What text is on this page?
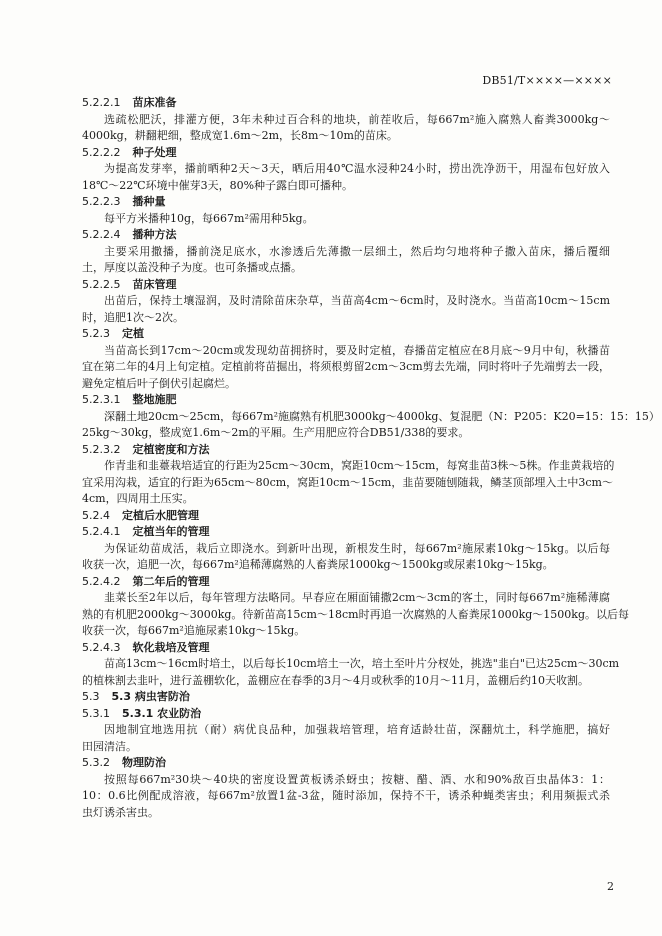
DB51/T××××—××××
5.2.2.1 苗床准备
选疏松肥沃，排灌方便，3年未种过百合科的地块，前茬收后，每667m²施入腐熟人畜粪3000kg～
4000kg，耕翻耙细，整成宽1.6m～2m，长8m～10m的苗床。
5.2.2.2 种子处理
为提高发芽率，播前晒种2天～3天，晒后用40℃温水浸种24小时，捞出洗净沥干，用湿布包好放入
18℃～22℃环境中催芽3天，80%种子露白即可播种。
5.2.2.3 播种量
每平方米播种10g，每667m²需用种5kg。
5.2.2.4 播种方法
主要采用撒播，播前浇足底水，水渗透后先薄撒一层细土，然后均匀地将种子撒入苗床，播后覆细
土，厚度以盖没种子为度。也可条播或点播。
5.2.2.5 苗床管理
出苗后，保持土壤湿润，及时清除苗床杂草，当苗高4cm～6cm时，及时浇水。当苗高10cm～15cm
时，追肥1次～2次。
5.2.3 定植
当苗高长到17cm～20cm或发现幼苗拥挤时，要及时定植，春播苗定植应在8月底～9月中旬，秋播苗
宜在第二年的4月上旬定植。定植前将苗掘出，将须根剪留2cm～3cm剪去先端，同时将叶子先端剪去一段，
避免定植后叶子倒伏引起腐烂。
5.2.3.1 整地施肥
深翻土地20cm～25cm，每667m²施腐熟有机肥3000kg～4000kg、复混肥（N：P205：K20=15：15：15）
25kg～30kg，整成宽1.6m～2m的平厢。生产用肥应符合DB51/338的要求。
5.2.3.2 定植密度和方法
作青韭和韭薹栽培适宜的行距为25cm～30cm，窝距10cm～15cm，每窝韭苗3株～5株。作韭黄栽培的
宜采用沟栽，适宜的行距为65cm～80cm，窝距10cm～15cm，韭苗要随刨随栽，鳞茎顶部埋入土中3cm～
4cm，四周用土压实。
5.2.4 定植后水肥管理
5.2.4.1 定植当年的管理
为保证幼苗成活，栽后立即浇水。到新叶出现，新根发生时，每667m²施尿素10kg～15kg。以后每
收获一次，追肥一次，每667m²追稀薄腐熟的人畜粪尿1000kg～1500kg或尿素10kg～15kg。
5.2.4.2 第二年后的管理
韭菜长至2年以后，每年管理方法略同。早春应在厢面铺撒2cm～3cm的客土，同时每667m²施稀薄腐
熟的有机肥2000kg～3000kg。待新苗高15cm～18cm时再追一次腐熟的人畜粪尿1000kg～1500kg。以后每
收获一次，每667m²追施尿素10kg～15kg。
5.2.4.3 软化栽培及管理
苗高13cm～16cm时培土，以后每长10cm培土一次，培土至叶片分杈处，挑选"韭白"已达25cm～30cm
的植株割去韭叶，进行盖棚软化，盖棚应在春季的3月～4月或秋季的10月～11月，盖棚后约10天收割。
5.3 5.3 病虫害防治
5.3.1 5.3.1 农业防治
因地制宜地选用抗（耐）病优良品种，加强栽培管理，培育适龄壮苗，深翻炕土，科学施肥，搞好
田园清洁。
5.3.2 物理防治
按照每667m²30块～40块的密度设置黄板诱杀蚜虫；按糖、醋、酒、水和90%敌百虫晶体3：1：
10：0.6比例配成溶液，每667m²放置1盆-3盆，随时添加，保持不干，诱杀种蝇类害虫；利用频振式杀
虫灯诱杀害虫。
2
